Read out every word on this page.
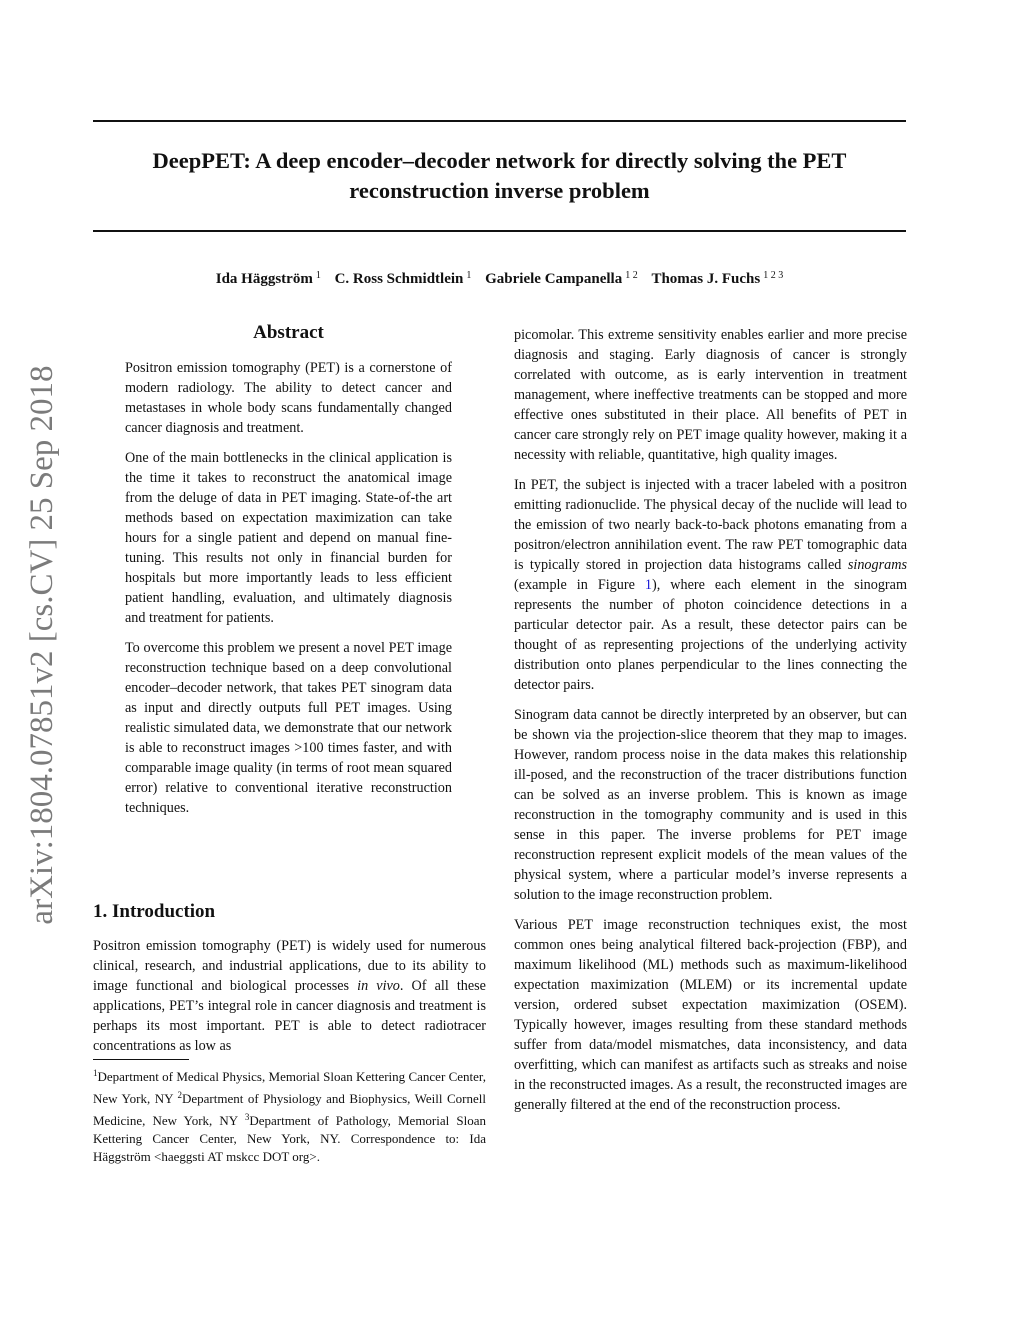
arXiv:1804.07851v2 [cs.CV] 25 Sep 2018
DeepPET: A deep encoder–decoder network for directly solving the PET
reconstruction inverse problem
Ida Häggström $^1$ C. Ross Schmidtlein $^1$ Gabriele Campanella $^{1 2}$ Thomas J. Fuchs $^{1 2 3}$
Abstract

Positron emission tomography (PET) is a cornerstone of modern radiology. The ability to detect cancer and metastases in whole body scans fundamentally changed cancer diagnosis and treatment.

One of the main bottlenecks in the clinical application is the time it takes to reconstruct the anatomical image from the deluge of data in PET imaging. State-of-the art methods based on expectation maximization can take hours for a single patient and depend on manual fine-tuning. This results not only in financial burden for hospitals but more importantly leads to less efficient patient handling, evaluation, and ultimately diagnosis and treatment for patients.

To overcome this problem we present a novel PET image reconstruction technique based on a deep convolutional encoder–decoder network, that takes PET sinogram data as input and directly outputs full PET images. Using realistic simulated data, we demonstrate that our network is able to reconstruct images >100 times faster, and with comparable image quality (in terms of root mean squared error) relative to conventional iterative reconstruction techniques.

1. Introduction

Positron emission tomography (PET) is widely used for numerous clinical, research, and industrial applications, due to its ability to image functional and biological processes in vivo. Of all these applications, PET’s integral role in cancer diagnosis and treatment is perhaps its most important. PET is able to detect radiotracer concentrations as low as

$^1$Department of Medical Physics, Memorial Sloan Kettering Cancer Center, New York, NY $^2$Department of Physiology and Biophysics, Weill Cornell Medicine, New York, NY $^3$Department of Pathology, Memorial Sloan Kettering Cancer Center, New York, NY. Correspondence to: Ida Häggström <haeggsti AT mskcc DOT org>.

picomolar. This extreme sensitivity enables earlier and more precise diagnosis and staging. Early diagnosis of cancer is strongly correlated with outcome, as is early intervention in treatment management, where ineffective treatments can be stopped and more effective ones substituted in their place. All benefits of PET in cancer care strongly rely on PET image quality however, making it a necessity with reliable, quantitative, high quality images.

In PET, the subject is injected with a tracer labeled with a positron emitting radionuclide. The physical decay of the nuclide will lead to the emission of two nearly back-to-back photons emanating from a positron/electron annihilation event. The raw PET tomographic data is typically stored in projection data histograms called sinograms (example in Figure 1), where each element in the sinogram represents the number of photon coincidence detections in a particular detector pair. As a result, these detector pairs can be thought of as representing projections of the underlying activity distribution onto planes perpendicular to the lines connecting the detector pairs.

Sinogram data cannot be directly interpreted by an observer, but can be shown via the projection-slice theorem that they map to images. However, random process noise in the data makes this relationship ill-posed, and the reconstruction of the tracer distributions function can be solved as an inverse problem. This is known as image reconstruction in the tomography community and is used in this sense in this paper. The inverse problems for PET image reconstruction represent explicit models of the mean values of the physical system, where a particular model’s inverse represents a solution to the image reconstruction problem.

Various PET image reconstruction techniques exist, the most common ones being analytical filtered back-projection (FBP), and maximum likelihood (ML) methods such as maximum-likelihood expectation maximization (MLEM) or its incremental update version, ordered subset expectation maximization (OSEM). Typically however, images resulting from these standard methods suffer from data/model mismatches, data inconsistency, and data overfitting, which can manifest as artifacts such as streaks and noise in the reconstructed images. As a result, the reconstructed images are generally filtered at the end of the reconstruction process.
